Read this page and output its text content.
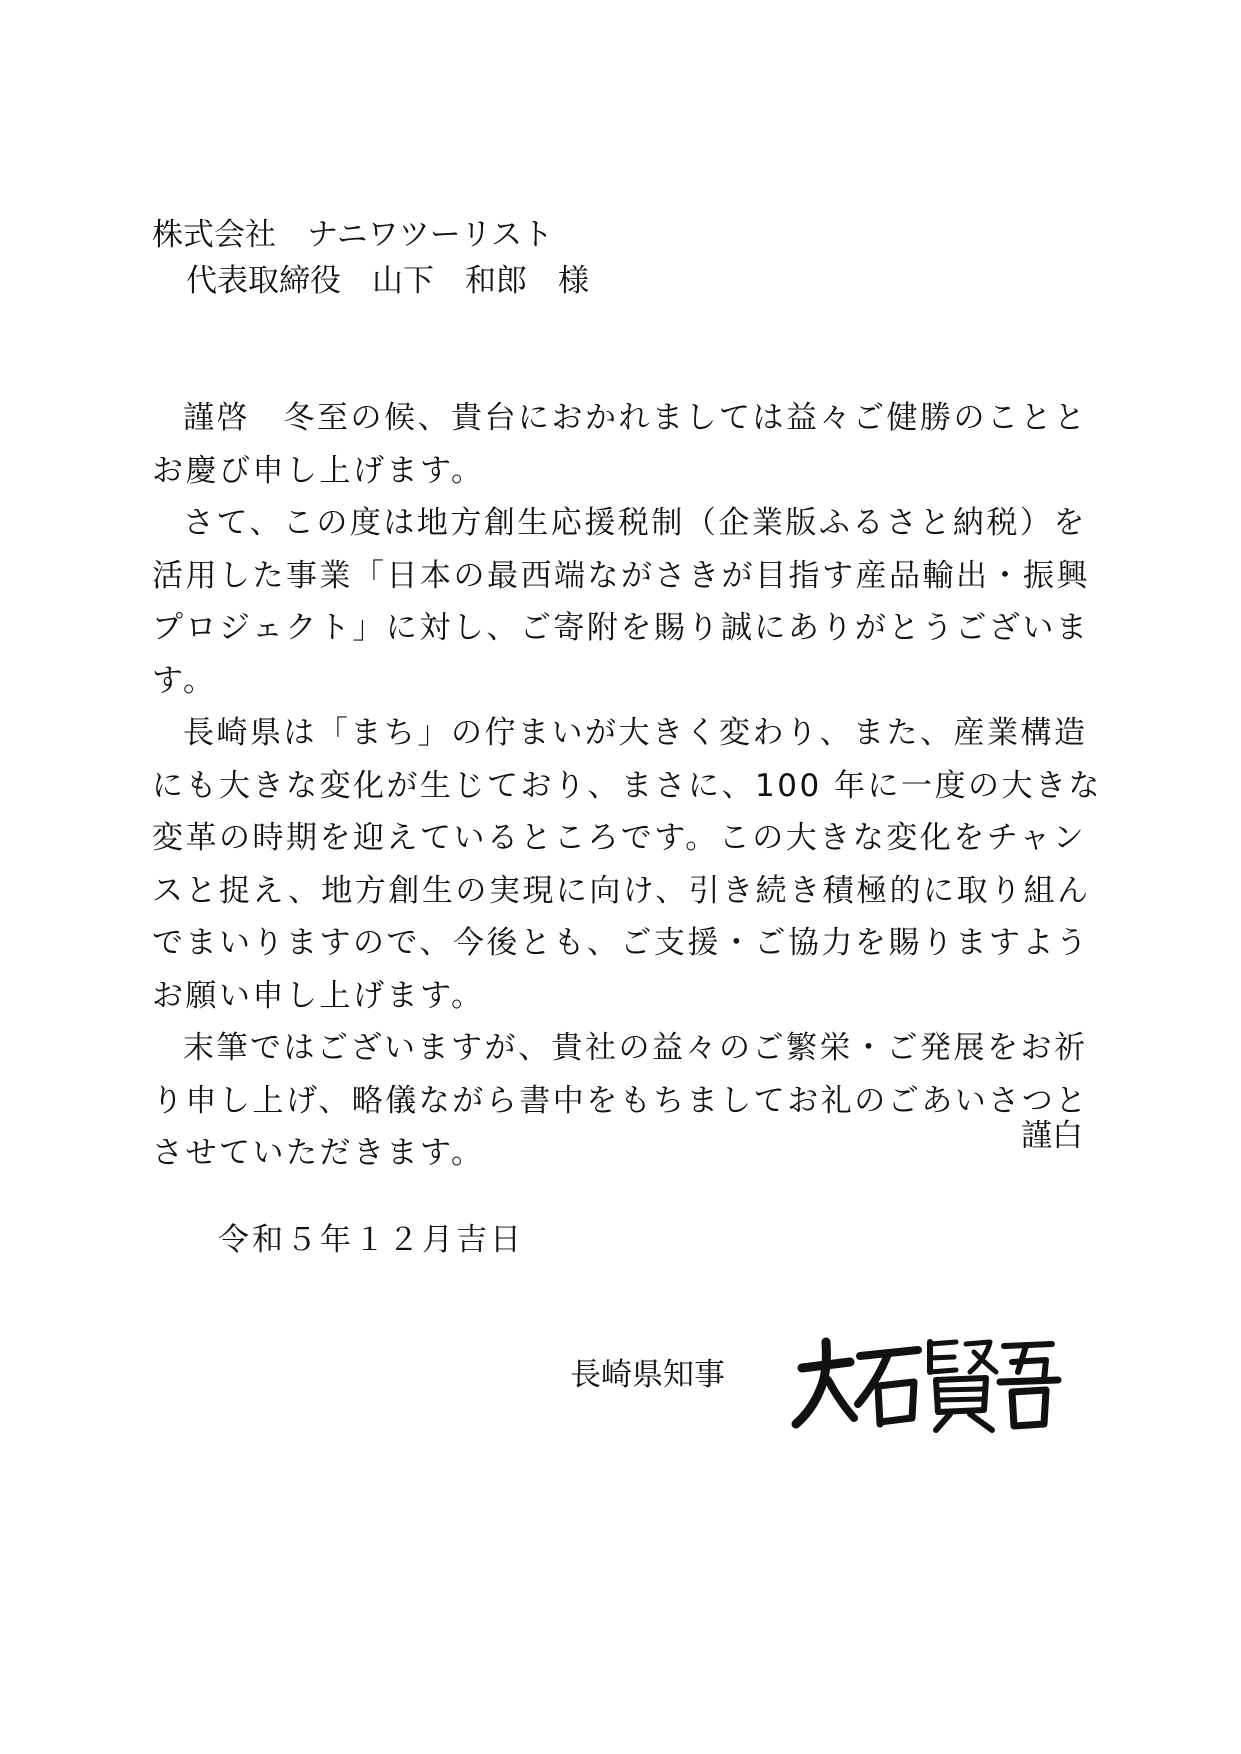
株式会社　ナニワツーリスト
代表取締役　山下　和郎　様

謹啓　冬至の候、貴台におかれましては益々ご健勝のこととお慶び申し上げます。

さて、この度は地方創生応援税制（企業版ふるさと納税）を活用した事業「日本の最西端ながさきが目指す産品輸出・振興プロジェクト」に対し、ご寄附を賜り誠にありがとうございます。

長崎県は「まち」の佇まいが大きく変わり、また、産業構造にも大きな変化が生じており、まさに、100 年に一度の大きな変革の時期を迎えているところです。この大きな変化をチャンスと捉え、地方創生の実現に向け、引き続き積極的に取り組んでまいりますので、今後とも、ご支援・ご協力を賜りますようお願い申し上げます。

末筆ではございますが、貴社の益々のご繁栄・ご発展をお祈り申し上げ、略儀ながら書中をもちましてお礼のごあいさつとさせていただきます。	謹白
令和５年１２月吉日
長崎県知事
